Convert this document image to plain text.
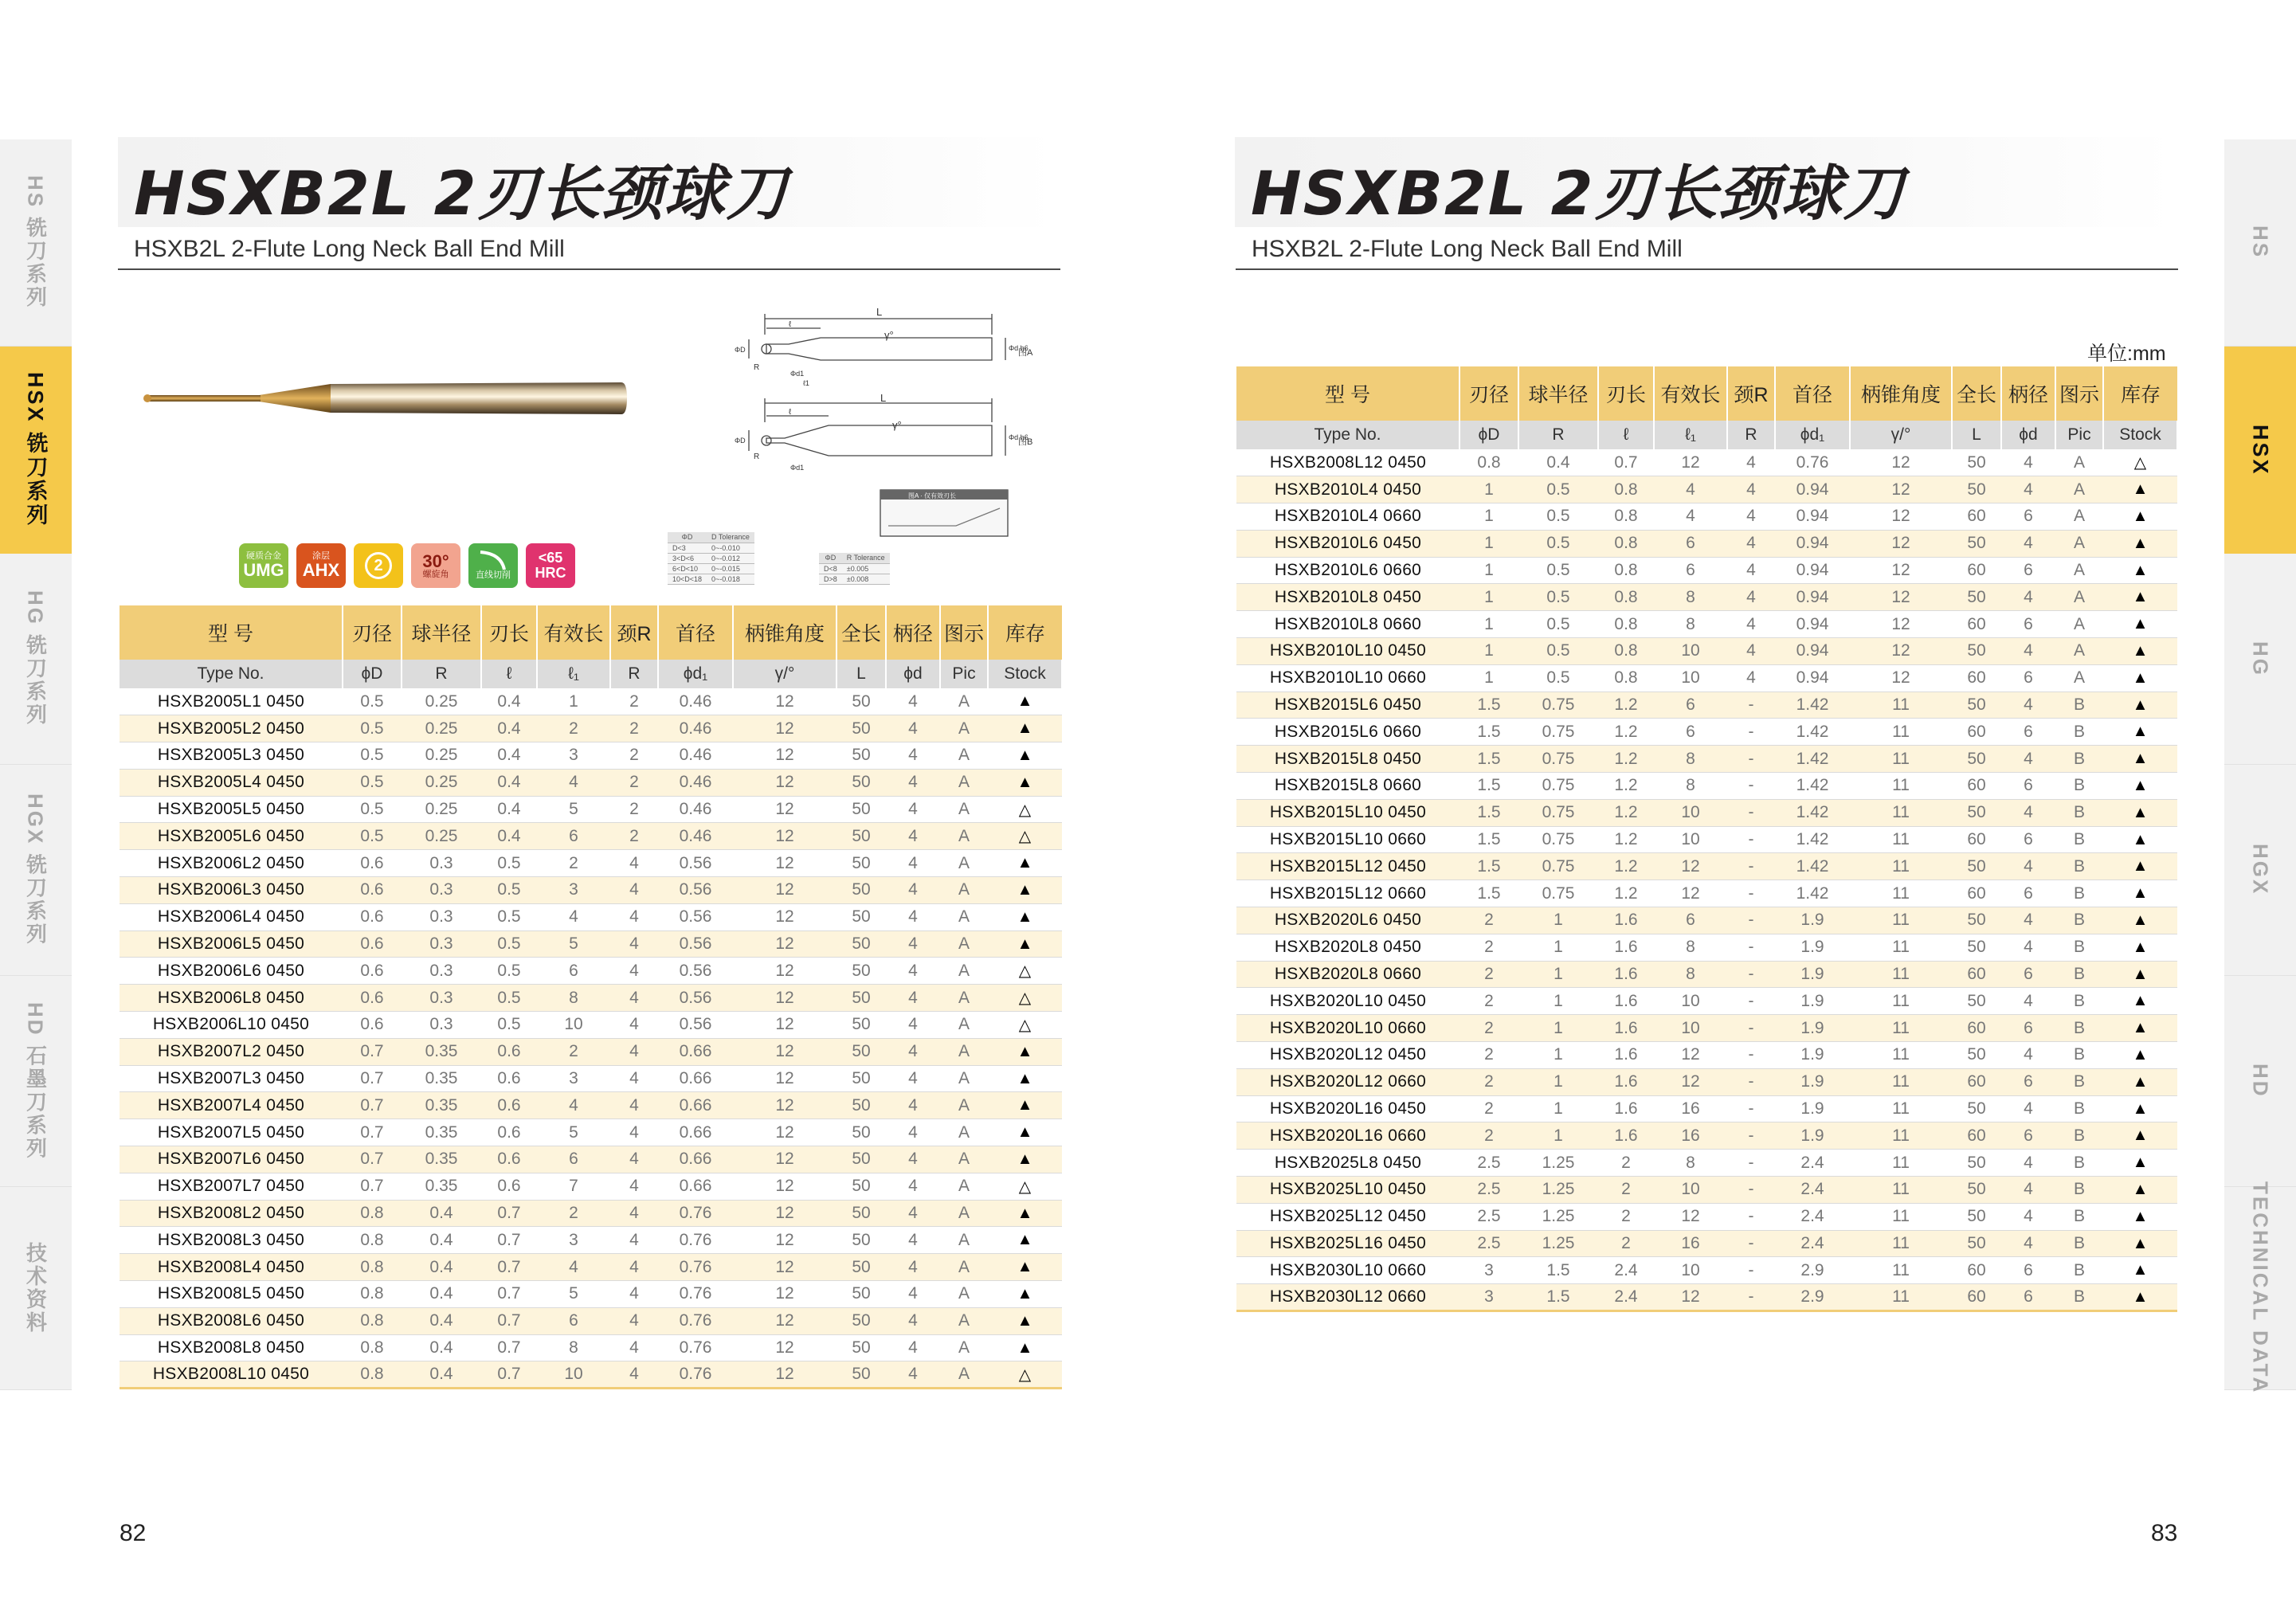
HS 铣刀系列
HSX 铣刀系列
HG 铣刀系列
HGX 铣刀系列
HD 石墨刀系列
技术资料
HS
HSX
HG
HGX
HD
TECHNICAL DATA
HSXB2L 2刃长颈球刀
HSXB2L 2-Flute Long Neck Ball End Mill
HSXB2L 2刃长颈球刀
HSXB2L 2-Flute Long Neck Ball End Mill
硬质合金
UMG
涂层
AHX	2	30°
螺旋角	直线切削
<65
HRC
L
L
γ°
γ°
图A
图B
ℓ
ℓ
R
R
Φd h6
Φd h6
ΦD
ΦD
Φd1
Φd1
ℓ1
图A · 仅有效刃长
ΦD	D Tolerance
D<3	0~-0.010
3<D<6	0~-0.012
6<D<10	0~-0.015
10<D<18	0~-0.018
ΦD	R Tolerance
D<8	±0.005
D>8	±0.008
型 号	刃径	球半径	刃长	有效长	颈R	首径	柄锥角度	全长	柄径	图示	库存
Type No.	ϕD	R	ℓ	ℓ₁	R	ϕd₁	γ/°	L	ϕd	Pic	Stock
HSXB2005L1 0450	0.5	0.25	0.4	1	2	0.46	12	50	4	A	▲
HSXB2005L2 0450	0.5	0.25	0.4	2	2	0.46	12	50	4	A	▲
HSXB2005L3 0450	0.5	0.25	0.4	3	2	0.46	12	50	4	A	▲
HSXB2005L4 0450	0.5	0.25	0.4	4	2	0.46	12	50	4	A	▲
HSXB2005L5 0450	0.5	0.25	0.4	5	2	0.46	12	50	4	A	△
HSXB2005L6 0450	0.5	0.25	0.4	6	2	0.46	12	50	4	A	△
HSXB2006L2 0450	0.6	0.3	0.5	2	4	0.56	12	50	4	A	▲
HSXB2006L3 0450	0.6	0.3	0.5	3	4	0.56	12	50	4	A	▲
HSXB2006L4 0450	0.6	0.3	0.5	4	4	0.56	12	50	4	A	▲
HSXB2006L5 0450	0.6	0.3	0.5	5	4	0.56	12	50	4	A	▲
HSXB2006L6 0450	0.6	0.3	0.5	6	4	0.56	12	50	4	A	△
HSXB2006L8 0450	0.6	0.3	0.5	8	4	0.56	12	50	4	A	△
HSXB2006L10 0450	0.6	0.3	0.5	10	4	0.56	12	50	4	A	△
HSXB2007L2 0450	0.7	0.35	0.6	2	4	0.66	12	50	4	A	▲
HSXB2007L3 0450	0.7	0.35	0.6	3	4	0.66	12	50	4	A	▲
HSXB2007L4 0450	0.7	0.35	0.6	4	4	0.66	12	50	4	A	▲
HSXB2007L5 0450	0.7	0.35	0.6	5	4	0.66	12	50	4	A	▲
HSXB2007L6 0450	0.7	0.35	0.6	6	4	0.66	12	50	4	A	▲
HSXB2007L7 0450	0.7	0.35	0.6	7	4	0.66	12	50	4	A	△
HSXB2008L2 0450	0.8	0.4	0.7	2	4	0.76	12	50	4	A	▲
HSXB2008L3 0450	0.8	0.4	0.7	3	4	0.76	12	50	4	A	▲
HSXB2008L4 0450	0.8	0.4	0.7	4	4	0.76	12	50	4	A	▲
HSXB2008L5 0450	0.8	0.4	0.7	5	4	0.76	12	50	4	A	▲
HSXB2008L6 0450	0.8	0.4	0.7	6	4	0.76	12	50	4	A	▲
HSXB2008L8 0450	0.8	0.4	0.7	8	4	0.76	12	50	4	A	▲
HSXB2008L10 0450	0.8	0.4	0.7	10	4	0.76	12	50	4	A	△
单位:mm
型 号	刃径	球半径	刃长	有效长	颈R	首径	柄锥角度	全长	柄径	图示	库存
Type No.	ϕD	R	ℓ	ℓ₁	R	ϕd₁	γ/°	L	ϕd	Pic	Stock
HSXB2008L12 0450	0.8	0.4	0.7	12	4	0.76	12	50	4	A	△
HSXB2010L4 0450	1	0.5	0.8	4	4	0.94	12	50	4	A	▲
HSXB2010L4 0660	1	0.5	0.8	4	4	0.94	12	60	6	A	▲
HSXB2010L6 0450	1	0.5	0.8	6	4	0.94	12	50	4	A	▲
HSXB2010L6 0660	1	0.5	0.8	6	4	0.94	12	60	6	A	▲
HSXB2010L8 0450	1	0.5	0.8	8	4	0.94	12	50	4	A	▲
HSXB2010L8 0660	1	0.5	0.8	8	4	0.94	12	60	6	A	▲
HSXB2010L10 0450	1	0.5	0.8	10	4	0.94	12	50	4	A	▲
HSXB2010L10 0660	1	0.5	0.8	10	4	0.94	12	60	6	A	▲
HSXB2015L6 0450	1.5	0.75	1.2	6	-	1.42	11	50	4	B	▲
HSXB2015L6 0660	1.5	0.75	1.2	6	-	1.42	11	60	6	B	▲
HSXB2015L8 0450	1.5	0.75	1.2	8	-	1.42	11	50	4	B	▲
HSXB2015L8 0660	1.5	0.75	1.2	8	-	1.42	11	60	6	B	▲
HSXB2015L10 0450	1.5	0.75	1.2	10	-	1.42	11	50	4	B	▲
HSXB2015L10 0660	1.5	0.75	1.2	10	-	1.42	11	60	6	B	▲
HSXB2015L12 0450	1.5	0.75	1.2	12	-	1.42	11	50	4	B	▲
HSXB2015L12 0660	1.5	0.75	1.2	12	-	1.42	11	60	6	B	▲
HSXB2020L6 0450	2	1	1.6	6	-	1.9	11	50	4	B	▲
HSXB2020L8 0450	2	1	1.6	8	-	1.9	11	50	4	B	▲
HSXB2020L8 0660	2	1	1.6	8	-	1.9	11	60	6	B	▲
HSXB2020L10 0450	2	1	1.6	10	-	1.9	11	50	4	B	▲
HSXB2020L10 0660	2	1	1.6	10	-	1.9	11	60	6	B	▲
HSXB2020L12 0450	2	1	1.6	12	-	1.9	11	50	4	B	▲
HSXB2020L12 0660	2	1	1.6	12	-	1.9	11	60	6	B	▲
HSXB2020L16 0450	2	1	1.6	16	-	1.9	11	50	4	B	▲
HSXB2020L16 0660	2	1	1.6	16	-	1.9	11	60	6	B	▲
HSXB2025L8 0450	2.5	1.25	2	8	-	2.4	11	50	4	B	▲
HSXB2025L10 0450	2.5	1.25	2	10	-	2.4	11	50	4	B	▲
HSXB2025L12 0450	2.5	1.25	2	12	-	2.4	11	50	4	B	▲
HSXB2025L16 0450	2.5	1.25	2	16	-	2.4	11	50	4	B	▲
HSXB2030L10 0660	3	1.5	2.4	10	-	2.9	11	60	6	B	▲
HSXB2030L12 0660	3	1.5	2.4	12	-	2.9	11	60	6	B	▲
82	83
